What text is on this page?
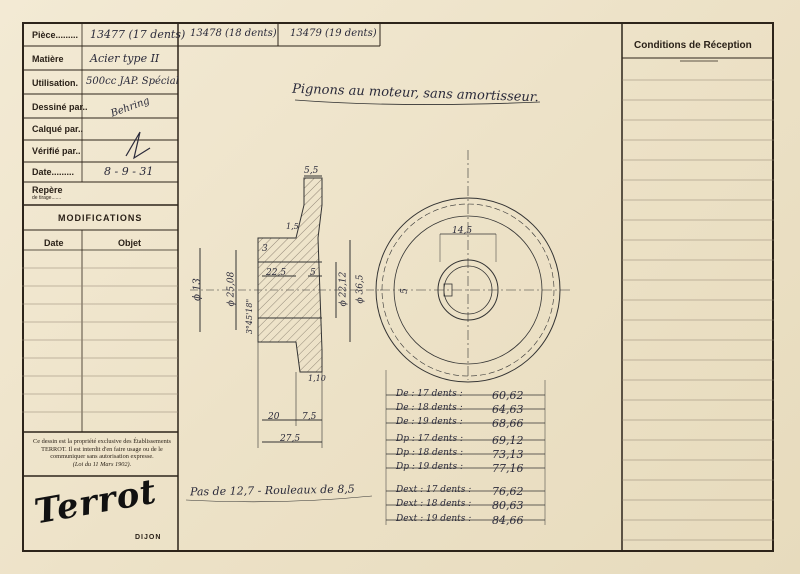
Pièce......... 13477 (17 dents) 13478 (18 dents) 13479 (19 dents)
Matière Acier type II
Utilisation. 500cc JAP. Spécial
Dessiné par.. Behring
Calqué par..
Vérifié par..
Date.........	8 - 9 - 31
Repère
de tirage.......
MODIFICATIONS
Date	Objet
Ce dessin est la propriété exclusive des Établissements TERROT. Il est interdit d'en faire usage ou de le communiquer sans autorisation expresse.
(Loi du 11 Mars 1902).
Terrot
DIJON
Conditions de Réception
Pignons au moteur, sans amortisseur.
5,5
1,5
3
22,5	5
ϕ 13	ϕ 25,08
3°45'18"
ϕ 22,12 ϕ 36,5
1,10
20	7,5
27,5
14,5
5
De : 17 dents :	60,62
De : 18 dents :	64,63
De : 19 dents :	68,66
Dp : 17 dents :	69,12
Dp : 18 dents :	73,13
Dp : 19 dents :	77,16
Dext : 17 dents : 76,62
Dext : 18 dents : 80,63
Dext : 19 dents : 84,66
Pas de 12,7 - Rouleaux de 8,5
